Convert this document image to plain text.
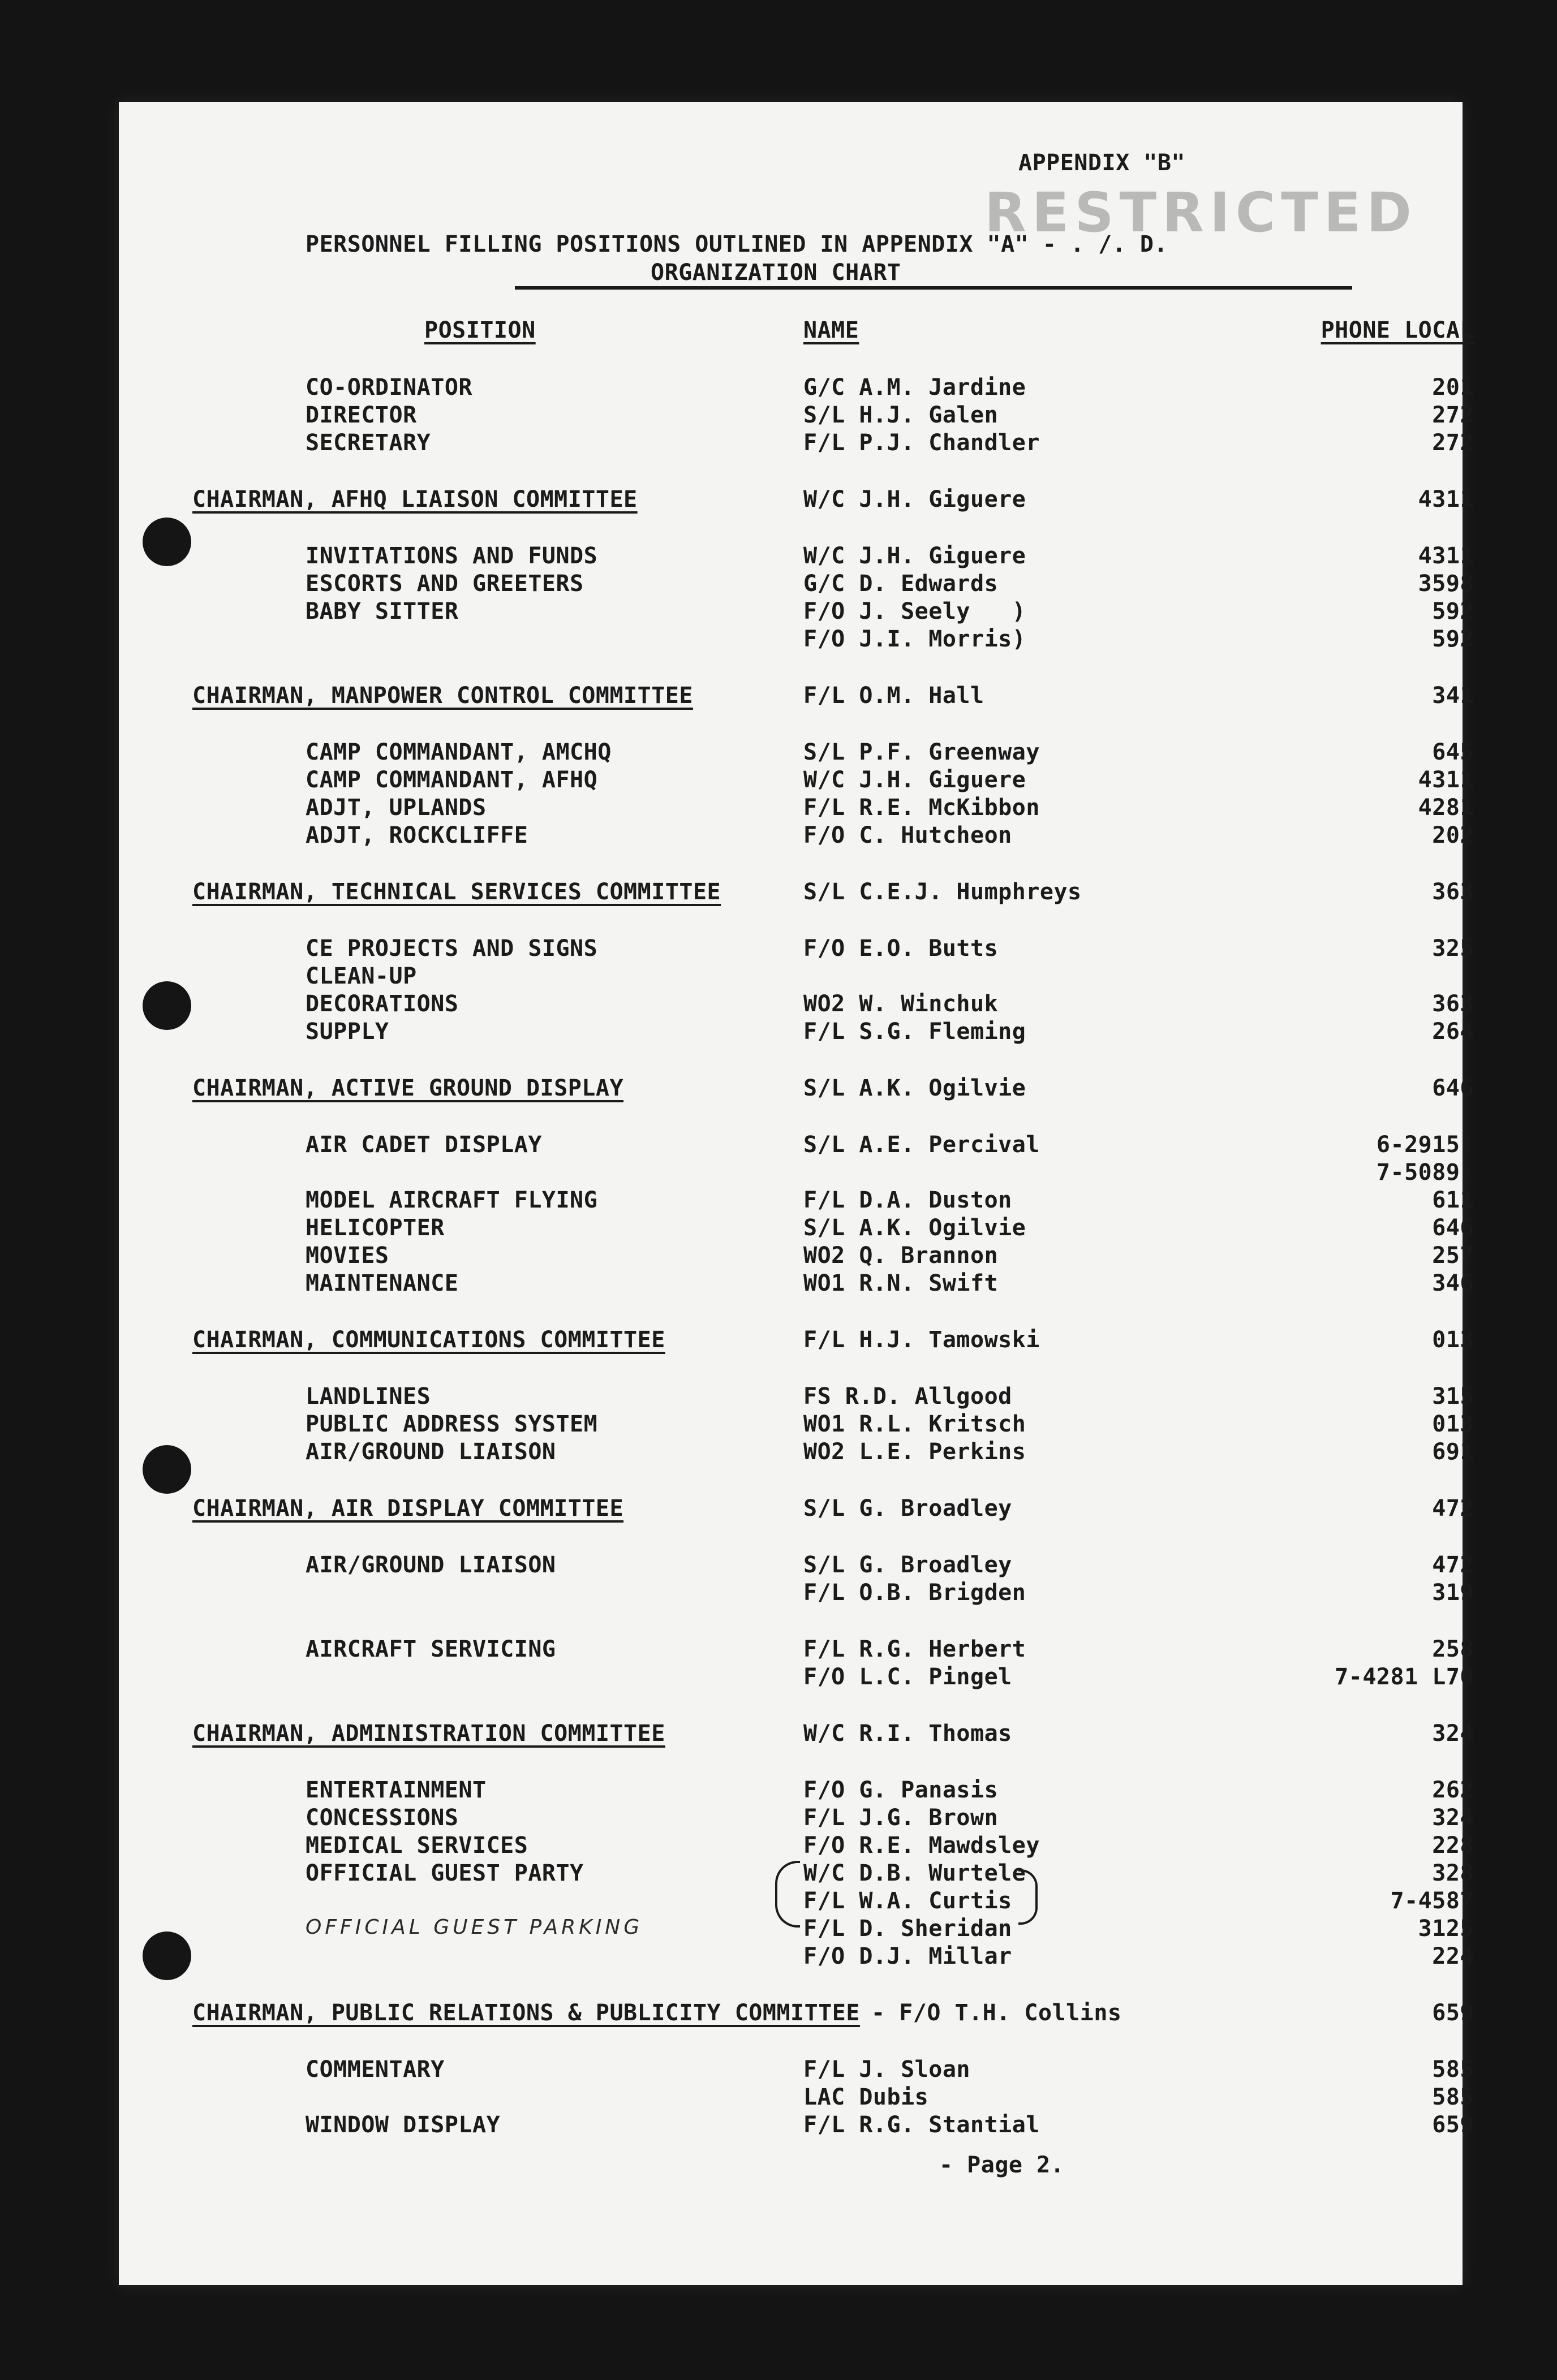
APPENDIX "B"
RESTRICTED
PERSONNEL FILLING POSITIONS OUTLINED IN APPENDIX "A" - . /. D.
ORGANIZATION CHART
POSITION	NAME	PHONE LOCAL
CO-ORDINATOR	G/C A.M. Jardine	201
DIRECTOR	S/L H.J. Galen	272
SECRETARY	F/L P.J. Chandler	272
CHAIRMAN, AFHQ LIAISON COMMITTEE	W/C J.H. Giguere	4311
INVITATIONS AND FUNDS	W/C J.H. Giguere	4311
ESCORTS AND GREETERS	G/C D. Edwards	3598
BABY SITTER	F/O J. Seely   )	592
F/O J.I. Morris)	592
CHAIRMAN, MANPOWER CONTROL COMMITTEE	F/L O.M. Hall	341
CAMP COMMANDANT, AMCHQ	S/L P.F. Greenway	645
CAMP COMMANDANT, AFHQ	W/C J.H. Giguere	4311
ADJT, UPLANDS	F/L R.E. McKibbon	4281
ADJT, ROCKCLIFFE	F/O C. Hutcheon	202
CHAIRMAN, TECHNICAL SERVICES COMMITTEE	S/L C.E.J. Humphreys	363
CE PROJECTS AND SIGNS	F/O E.O. Butts	325
CLEAN-UP
DECORATIONS	WO2 W. Winchuk	363
SUPPLY	F/L S.G. Fleming	264
CHAIRMAN, ACTIVE GROUND DISPLAY	S/L A.K. Ogilvie	646
AIR CADET DISPLAY	S/L A.E. Percival	6-2915)
7-5089)
MODEL AIRCRAFT FLYING	F/L D.A. Duston	611
HELICOPTER	S/L A.K. Ogilvie	646
MOVIES	WO2 Q. Brannon	257
MAINTENANCE	WO1 R.N. Swift	346
CHAIRMAN, COMMUNICATIONS COMMITTEE	F/L H.J. Tamowski	013
LANDLINES	FS R.D. Allgood	315
PUBLIC ADDRESS SYSTEM	WO1 R.L. Kritsch	013
AIR/GROUND LIAISON	WO2 L.E. Perkins	691
CHAIRMAN, AIR DISPLAY COMMITTEE	S/L G. Broadley	472
AIR/GROUND LIAISON	S/L G. Broadley	472
F/L O.B. Brigden	319
AIRCRAFT SERVICING	F/L R.G. Herbert	258
F/O L.C. Pingel	7-4281 L70
CHAIRMAN, ADMINISTRATION COMMITTEE	W/C R.I. Thomas	324
ENTERTAINMENT	F/O G. Panasis	262
CONCESSIONS	F/L J.G. Brown	324
MEDICAL SERVICES	F/O R.E. Mawdsley	228
OFFICIAL GUEST PARTY	W/C D.B. Wurtele	328
F/L W.A. Curtis	7-4587
OFFICIAL GUEST PARKING	F/L D. Sheridan	3125
F/O D.J. Millar	224
CHAIRMAN, PUBLIC RELATIONS & PUBLICITY COMMITTEE - F/O T.H. Collins	659
COMMENTARY	F/L J. Sloan	585
LAC Dubis	585
WINDOW DISPLAY	F/L R.G. Stantial	659
- Page 2.
